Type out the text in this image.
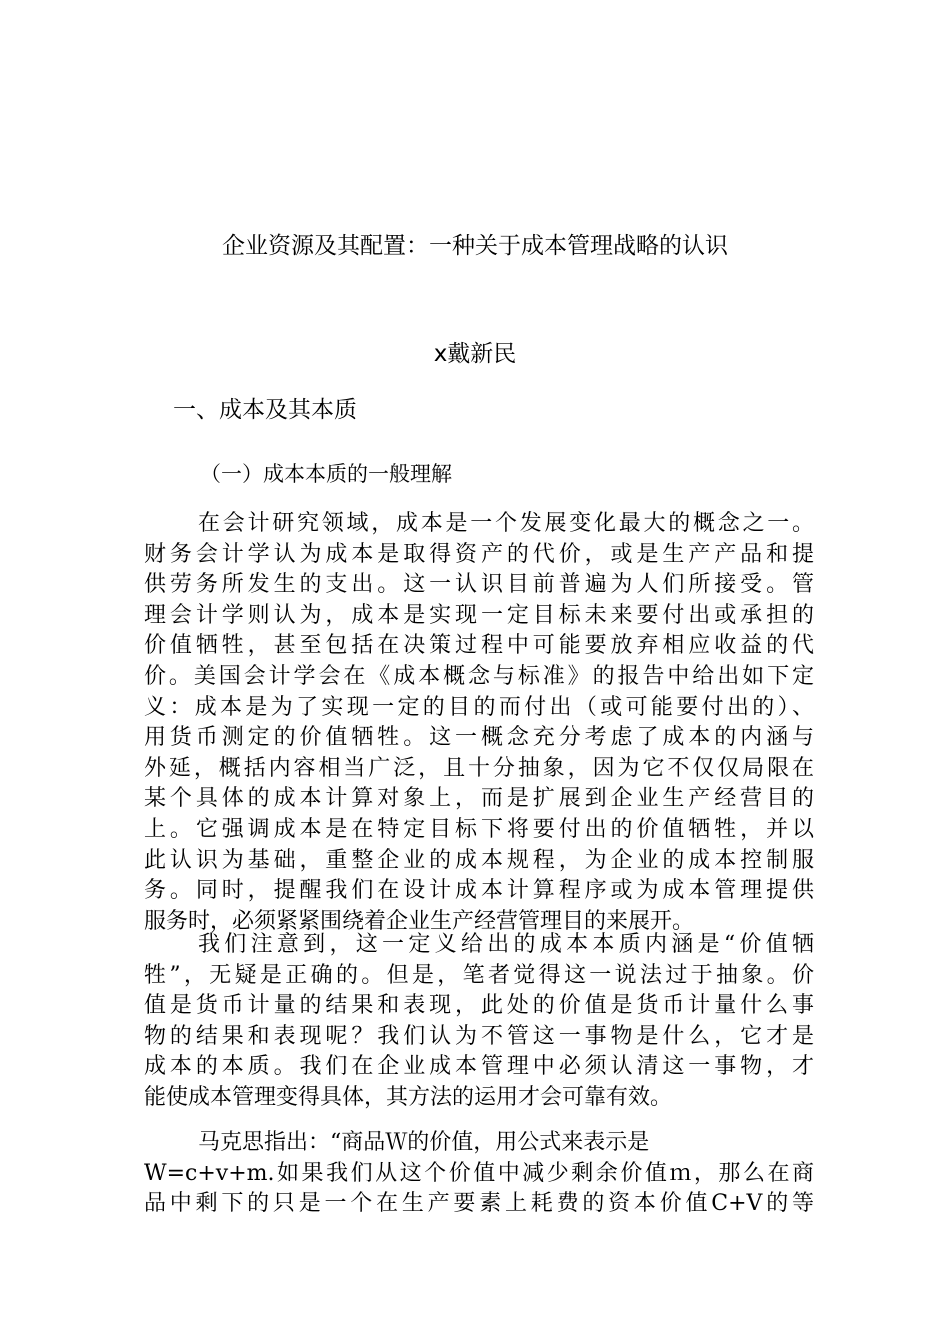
企业资源及其配置：一种关于成本管理战略的认识
x戴新民
一、成本及其本质
（一）成本本质的一般理解
在会计研究领域，成本是一个发展变化最大的概念之一。
财务会计学认为成本是取得资产的代价，或是生产产品和提
供劳务所发生的支出。这一认识目前普遍为人们所接受。管
理会计学则认为，成本是实现一定目标未来要付出或承担的
价值牺牲，甚至包括在决策过程中可能要放弃相应收益的代
价。美国会计学会在《成本概念与标准》的报告中给出如下定
义：成本是为了实现一定的目的而付出（或可能要付出的）、
用货币测定的价值牺牲。这一概念充分考虑了成本的内涵与
外延，概括内容相当广泛，且十分抽象，因为它不仅仅局限在
某个具体的成本计算对象上，而是扩展到企业生产经营目的
上。它强调成本是在特定目标下将要付出的价值牺牲，并以
此认识为基础，重整企业的成本规程，为企业的成本控制服
务。同时，提醒我们在设计成本计算程序或为成本管理提供
服务时，必须紧紧围绕着企业生产经营管理目的来展开。
我们注意到，这一定义给出的成本本质内涵是“价值牺
牲”，无疑是正确的。但是，笔者觉得这一说法过于抽象。价
值是货币计量的结果和表现，此处的价值是货币计量什么事
物的结果和表现呢？我们认为不管这一事物是什么，它才是
成本的本质。我们在企业成本管理中必须认清这一事物，才
能使成本管理变得具体，其方法的运用才会可靠有效。
马克思指出：“商品Ｗ的价值，用公式来表示是
W=c+v+m.如果我们从这个价值中减少剩余价值ｍ，那么在商
品中剩下的只是一个在生产要素上耗费的资本价值C+V的等
